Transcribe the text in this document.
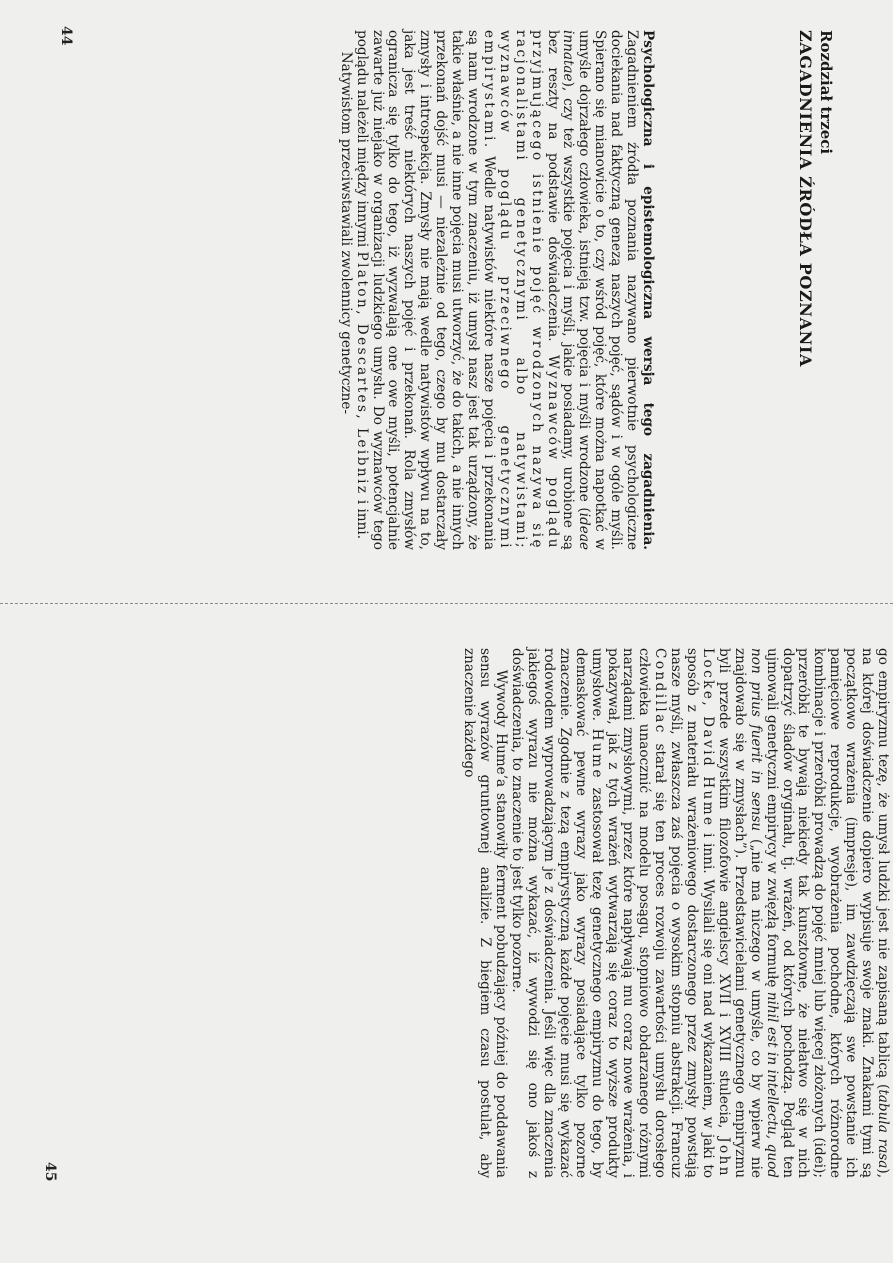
Rozdział trzeci
ZAGADNIENIA ŹRÓDŁA POZNANIA

Psychologiczna i epistemologiczna wersja tego zagadnienia. Zagadnieniem źródła poznania nazywano pierwotnie psychologiczne dociekania nad faktyczną genezą naszych pojęć, sądów i w ogóle myśli. Spierano się mianowicie o to, czy wśród pojęć, które można napotkać w umyśle dojrzałego człowieka, istnieją tzw. pojęcia i myśli wrodzone (ideae innatae), czy też wszystkie pojęcia i myśli, jakie posiadamy, urobione są bez reszty na podstawie doświadczenia. Wyznawców poglądu przyjmującego istnienie pojęć wrodzonych nazywa się racjonalistami genetycznymi albo natywistami; wyznawców poglądu przeciwnego genetycznymi empirystami. Wedle natywistów niektóre nasze pojęcia i przekonania są nam wrodzone w tym znaczeniu, iż umysł nasz jest tak urządzony, że takie właśnie, a nie inne pojęcia musi utworzyć, że do takich, a nie innych przekonań dojść musi — niezależnie od tego, czego by mu dostarczały zmysły i introspekcja. Zmysły nie mają wedle natywistów wpływu na to, jaka jest treść niektórych naszych pojęć i przekonań. Rola zmysłów ogranicza się tylko do tego, iż wyzwalają one owe myśli, potencjalnie zawarte już niejako w organizacji ludzkiego umysłu. Do wyznawców tego poglądu należeli między innymi Platon, Descartes, Leibniz i inni.

Natywistom przeciwstawiali zwolennicy genetyczne-

44

go empiryzmu tezę, że umysł ludzki jest nie zapisaną tablicą (tabula rasa), na której doświadczenie dopiero wypisuje swoje znaki. Znakami tymi są początkowo wrażenia (impresje), im zawdzięczają swe powstanie ich pamięciowe reprodukcje, wyobrażenia pochodne, których różnorodne kombinacje i przeróbki prowadzą do pojęć mniej lub więcej złożonych (idei); przeróbki te bywają niekiedy tak kunsztowne, że niełatwo się w nich dopatrzyć śladów oryginału, tj. wrażeń, od których pochodzą. Pogląd ten ujmowali genetyczni empirycy w zwięzłą formułę nihil est in intellectu, quod non prius fuerit in sensu („nie ma niczego w umyśle, co by wpierw nie znajdowało się w zmysłach”). Przedstawicielami genetycznego empiryzmu byli przede wszystkim filozofowie angielscy XVII i XVIII stulecia, John Locke, David Hume i inni. Wysilali się oni nad wykazaniem, w jaki to sposób z materiału wrażeniowego dostarczonego przez zmysły powstają nasze myśli, zwłaszcza zaś pojęcia o wysokim stopniu abstrakcji. Francuz Condillac starał się ten proces rozwoju zawartości umysłu dorosłego człowieka unaocznić na modelu posągu, stopniowo obdarzanego różnymi narządami zmysłowymi, przez które napływają mu coraz nowe wrażenia, i pokazywał, jak z tych wrażeń wytwarzają się coraz to wyższe produkty umysłowe. Hume zastosował tezę genetycznego empiryzmu do tego, by demaskować pewne wyrazy jako wyrazy posiadające tylko pozorne znaczenie. Zgodnie z tezą empirystyczną każde pojęcie musi się wykazać rodowodem wyprowadzającym je z doświadczenia. Jeśli więc dla znaczenia jakiegoś wyrazu nie można wykazać, iż wywodzi się ono jakoś z doświadczenia, to znaczenie to jest tylko pozorne.

Wywody Hume’a stanowiły ferment pobudzający później do poddawania sensu wyrazów gruntownej analizie. Z biegiem czasu postulat, aby znaczenie każdego

45
